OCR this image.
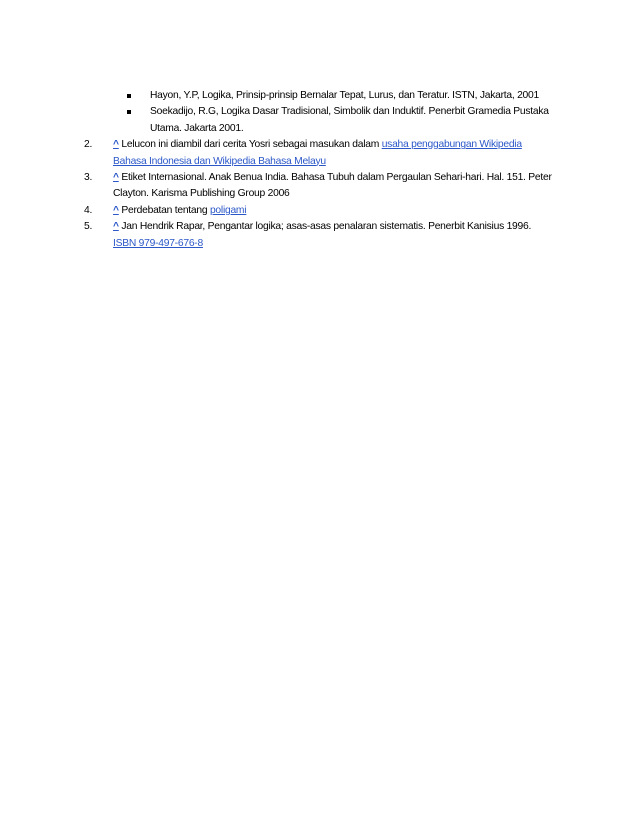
Hayon, Y.P, Logika, Prinsip-prinsip Bernalar Tepat, Lurus, dan Teratur. ISTN, Jakarta, 2001
Soekadijo, R.G, Logika Dasar Tradisional, Simbolik dan Induktif. Penerbit Gramedia Pustaka Utama. Jakarta 2001.
2. ^ Lelucon ini diambil dari cerita Yosri sebagai masukan dalam usaha penggabungan Wikipedia Bahasa Indonesia dan Wikipedia Bahasa Melayu
3. ^ Etiket Internasional. Anak Benua India. Bahasa Tubuh dalam Pergaulan Sehari-hari. Hal. 151. Peter Clayton. Karisma Publishing Group 2006
4. ^ Perdebatan tentang poligami
5. ^ Jan Hendrik Rapar, Pengantar logika; asas-asas penalaran sistematis. Penerbit Kanisius 1996. ISBN 979-497-676-8
